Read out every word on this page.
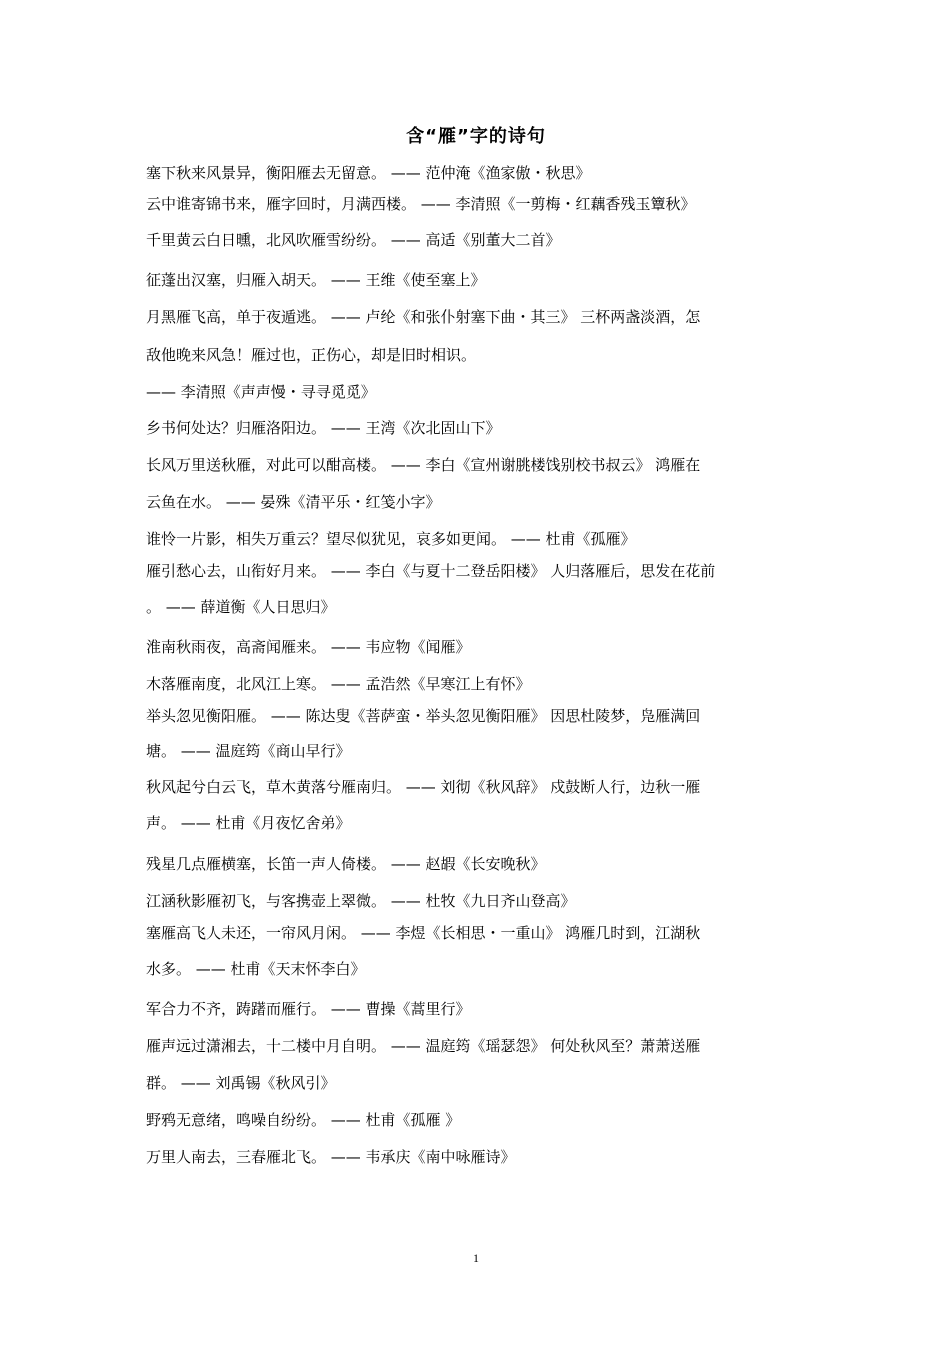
含“雁”字的诗句
塞下秋来风景异，衡阳雁去无留意。 —— 范仲淹《渔家傲・秋思》
云中谁寄锦书来，雁字回时，月满西楼。 —— 李清照《一剪梅・红藕香残玉簟秋》
千里黄云白日曛，北风吹雁雪纷纷。 —— 高适《别董大二首》
征蓬出汉塞，归雁入胡天。 —— 王维《使至塞上》
月黑雁飞高，单于夜遁逃。 —— 卢纶《和张仆射塞下曲・其三》 三杯两盏淡酒，怎
敌他晚来风急！雁过也，正伤心，却是旧时相识。
—— 李清照《声声慢・寻寻觅觅》
乡书何处达？归雁洛阳边。 —— 王湾《次北固山下》
长风万里送秋雁，对此可以酣高楼。 —— 李白《宣州谢朓楼饯别校书叔云》 鸿雁在
云鱼在水。 —— 晏殊《清平乐・红笺小字》
谁怜一片影，相失万重云？望尽似犹见，哀多如更闻。 —— 杜甫《孤雁》
雁引愁心去，山衔好月来。 —— 李白《与夏十二登岳阳楼》 人归落雁后，思发在花前
。 —— 薛道衡《人日思归》
淮南秋雨夜，高斋闻雁来。 —— 韦应物《闻雁》
木落雁南度，北风江上寒。 —— 孟浩然《早寒江上有怀》
举头忽见衡阳雁。 —— 陈达叟《菩萨蛮・举头忽见衡阳雁》 因思杜陵梦，凫雁满回
塘。 —— 温庭筠《商山早行》
秋风起兮白云飞，草木黄落兮雁南归。 —— 刘彻《秋风辞》 戍鼓断人行，边秋一雁
声。 —— 杜甫《月夜忆舍弟》
残星几点雁横塞，长笛一声人倚楼。 —— 赵嘏《长安晚秋》
江涵秋影雁初飞，与客携壶上翠微。 —— 杜牧《九日齐山登高》
塞雁高飞人未还，一帘风月闲。 —— 李煜《长相思・一重山》 鸿雁几时到，江湖秋
水多。 —— 杜甫《天末怀李白》
军合力不齐，踌躇而雁行。 —— 曹操《蒿里行》
雁声远过潇湘去，十二楼中月自明。 —— 温庭筠《瑶瑟怨》 何处秋风至？萧萧送雁
群。 —— 刘禹锡《秋风引》
野鸦无意绪，鸣噪自纷纷。 —— 杜甫《孤雁 》
万里人南去，三春雁北飞。 —— 韦承庆《南中咏雁诗》
1
